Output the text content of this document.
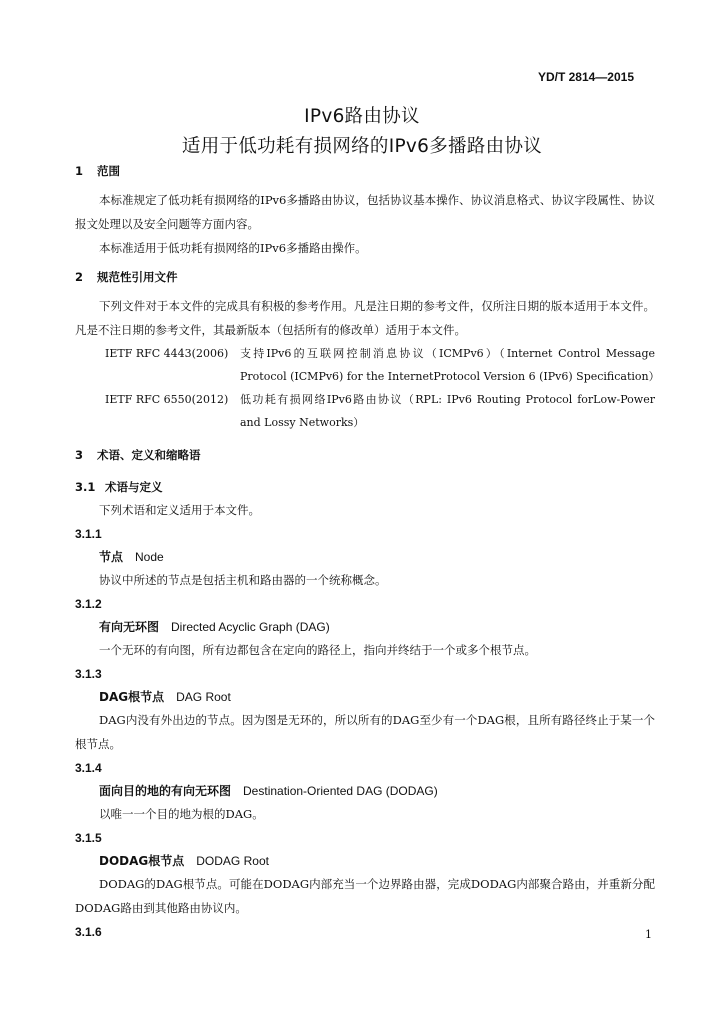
YD/T 2814—2015

IPv6路由协议

适用于低功耗有损网络的IPv6多播路由协议

1 范围

本标准规定了低功耗有损网络的IPv6多播路由协议，包括协议基本操作、协议消息格式、协议字段属性、协议报文处理以及安全问题等方面内容。

本标准适用于低功耗有损网络的IPv6多播路由操作。

2 规范性引用文件

下列文件对于本文件的完成具有积极的参考作用。凡是注日期的参考文件，仅所注日期的版本适用于本文件。凡是不注日期的参考文件，其最新版本（包括所有的修改单）适用于本文件。

IETF RFC 4443(2006)	支持IPv6的互联网控制消息协议（ICMPv6）（Internet Control Message Protocol (ICMPv6) for the InternetProtocol Version 6 (IPv6) Specification）
IETF RFC 6550(2012)	低功耗有损网络IPv6路由协议（RPL: IPv6 Routing Protocol forLow-Power and Lossy Networks）

3 术语、定义和缩略语

3.1 术语与定义

下列术语和定义适用于本文件。

3.1.1

节点 Node

协议中所述的节点是包括主机和路由器的一个统称概念。

3.1.2

有向无环图 Directed Acyclic Graph (DAG)

一个无环的有向图，所有边都包含在定向的路径上，指向并终结于一个或多个根节点。

3.1.3

DAG根节点 DAG Root

DAG内没有外出边的节点。因为图是无环的，所以所有的DAG至少有一个DAG根，且所有路径终止于某一个根节点。

3.1.4

面向目的地的有向无环图 Destination-Oriented DAG (DODAG)

以唯一一个目的地为根的DAG。

3.1.5

DODAG根节点 DODAG Root

DODAG的DAG根节点。可能在DODAG内部充当一个边界路由器，完成DODAG内部聚合路由，并重新分配DODAG路由到其他路由协议内。

3.1.6	1
